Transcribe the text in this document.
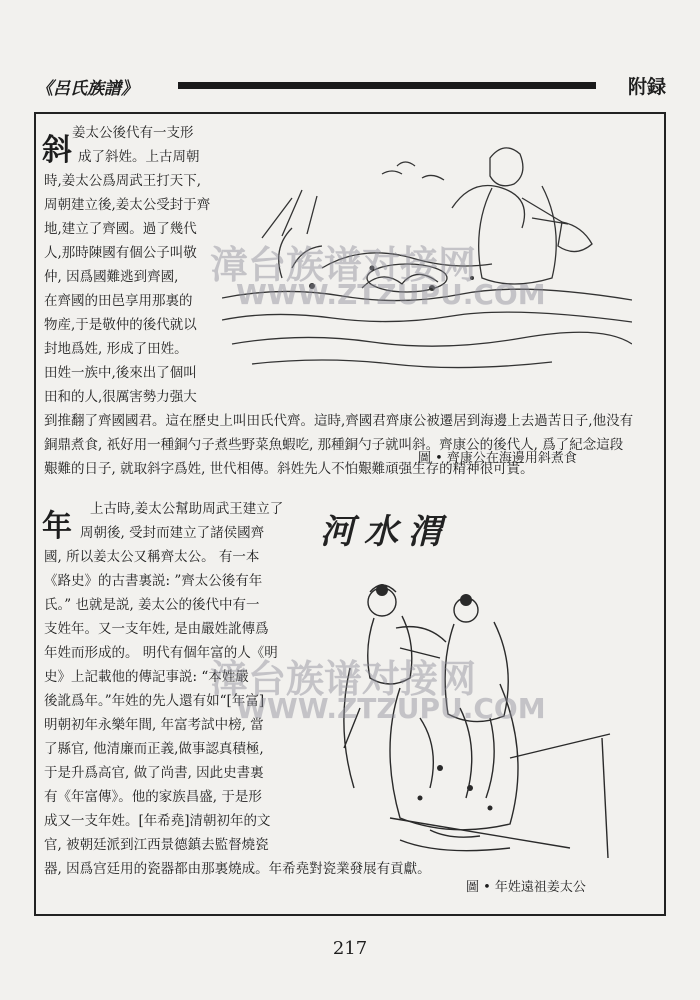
《呂氏族譜》	附録
斜 姜太公後代有一支形
成了斜姓。上古周朝
時,姜太公爲周武王打天下,
周朝建立後,姜太公受封于齊
地,建立了齊國。過了幾代
人,那時陳國有個公子叫敬
仲, 因爲國難逃到齊國,
在齊國的田邑享用那裏的
物産,于是敬仲的後代就以
封地爲姓, 形成了田姓。
田姓一族中,後來出了個叫
田和的人,很厲害勢力强大
到推翻了齊國國君。這在歷史上叫田氏代齊。這時,齊國君齊康公被遷居到海邊上去過苦日子,他没有
銅鼎煮食, 祇好用一種銅勺子煮些野菜魚蝦吃, 那種銅勺子就叫斜。齊康公的後代人, 爲了紀念這段
艱難的日子, 就取斜字爲姓, 世代相傳。斜姓先人不怕艱難頑强生存的精神很可貴。
圖 • 齊康公在海邊用斜煮食
年 上古時,姜太公幫助周武王建立了
周朝後, 受封而建立了諸侯國齊
國, 所以姜太公又稱齊太公。 有一本
《路史》的古書裏説: ”齊太公後有年
氏。” 也就是説, 姜太公的後代中有一
支姓年。又一支年姓, 是由嚴姓訛傳爲
年姓而形成的。 明代有個年富的人《明
史》上記載他的傳記事説: “本姓嚴
後訛爲年。”年姓的先人還有如“[年富]
明朝初年永樂年間, 年富考試中榜, 當
了縣官, 他清廉而正義,做事認真積極,
于是升爲高官, 做了尚書, 因此史書裏
有《年富傳》。他的家族昌盛, 于是形
成又一支年姓。[年希堯]清朝初年的文
官, 被朝廷派到江西景德鎮去監督燒瓷
器, 因爲宫廷用的瓷器都由那裏燒成。年希堯對瓷業發展有貢獻。
渭水河
圖 • 年姓遠祖姜太公
漳台族谱对接网
WWW.ZTZUPU.COM
漳台族谱对接网
WWW.ZTZUPU.COM
217
